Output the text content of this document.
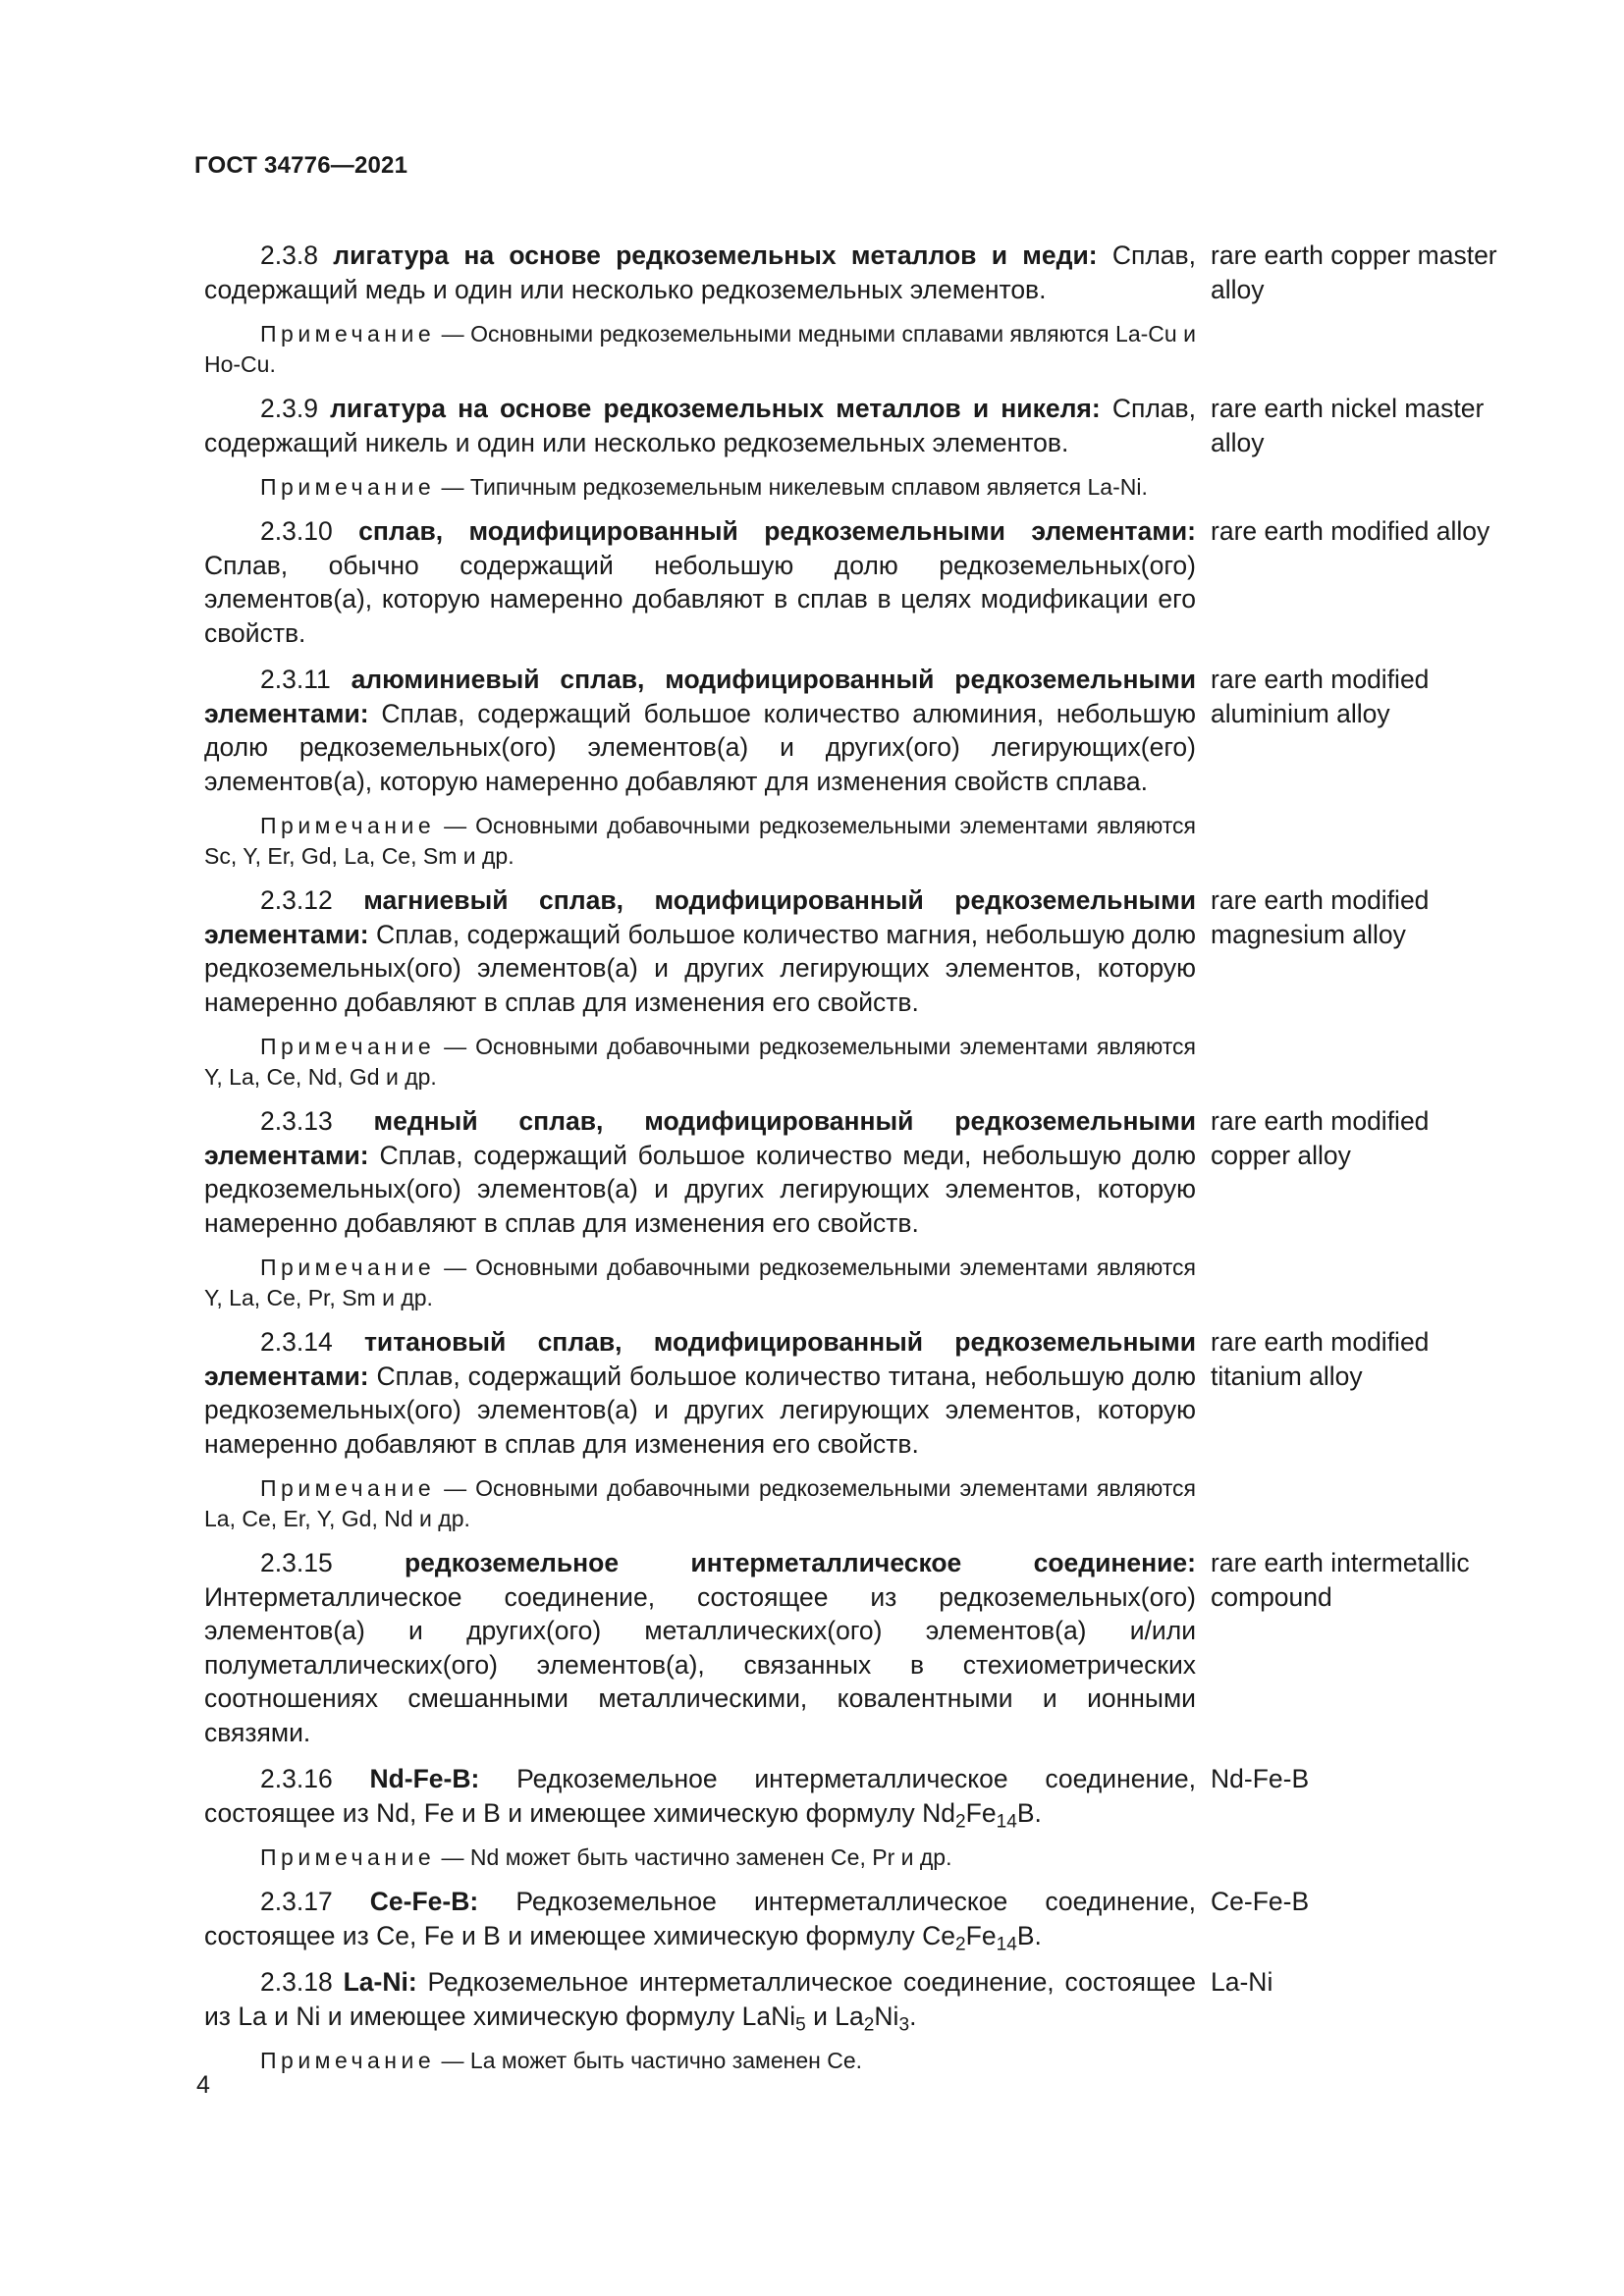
ГОСТ 34776—2021
2.3.8 лигатура на основе редкоземельных металлов и меди: Сплав, содержащий медь и один или несколько редкоземельных элементов.
rare earth copper master alloy
Примечание — Основными редкоземельными медными сплавами являются La-Cu и Ho-Cu.
2.3.9 лигатура на основе редкоземельных металлов и никеля: Сплав, содержащий никель и один или несколько редкоземельных элементов.
rare earth nickel master alloy
Примечание — Типичным редкоземельным никелевым сплавом является La-Ni.
2.3.10 сплав, модифицированный редкоземельными элементами: Сплав, обычно содержащий небольшую долю редкоземельных(ого) элементов(а), которую намеренно добавляют в сплав в целях модификации его свойств.
rare earth modified alloy
2.3.11 алюминиевый сплав, модифицированный редкоземельными элементами: Сплав, содержащий большое количество алюминия, небольшую долю редкоземельных(ого) элементов(а) и других(ого) легирующих(его) элементов(а), которую намеренно добавляют для изменения свойств сплава.
rare earth modified aluminium alloy
Примечание — Основными добавочными редкоземельными элементами являются Sc, Y, Er, Gd, La, Ce, Sm и др.
2.3.12 магниевый сплав, модифицированный редкоземельными элементами: Сплав, содержащий большое количество магния, небольшую долю редкоземельных(ого) элементов(а) и других легирующих элементов, которую намеренно добавляют в сплав для изменения его свойств.
rare earth modified magnesium alloy
Примечание — Основными добавочными редкоземельными элементами являются Y, La, Ce, Nd, Gd и др.
2.3.13 медный сплав, модифицированный редкоземельными элементами: Сплав, содержащий большое количество меди, небольшую долю редкоземельных(ого) элементов(а) и других легирующих элементов, которую намеренно добавляют в сплав для изменения его свойств.
rare earth modified copper alloy
Примечание — Основными добавочными редкоземельными элементами являются Y, La, Ce, Pr, Sm и др.
2.3.14 титановый сплав, модифицированный редкоземельными элементами: Сплав, содержащий большое количество титана, небольшую долю редкоземельных(ого) элементов(а) и других легирующих элементов, которую намеренно добавляют в сплав для изменения его свойств.
rare earth modified titanium alloy
Примечание — Основными добавочными редкоземельными элементами являются La, Ce, Er, Y, Gd, Nd и др.
2.3.15	редкоземельное интерметаллическое соединение: Интерметаллическое соединение, состоящее из редкоземельных(ого) элементов(а) и других(ого) металлических(ого) элементов(а) и/или полуметаллических(ого) элементов(а), связанных в стехиометрических соотношениях смешанными металлическими, ковалентными и ионными связями.
rare earth intermetallic compound
2.3.16 Nd-Fe-B: Редкоземельное интерметаллическое соединение, состоящее из Nd, Fe и B и имеющее химическую формулу $Nd_2Fe_{14}B$.
Nd-Fe-B
Примечание — Nd может быть частично заменен Ce, Pr и др.
2.3.17 Ce-Fe-B: Редкоземельное интерметаллическое соединение, состоящее из Ce, Fe и B и имеющее химическую формулу $Ce_2Fe_{14}B$.
Ce-Fe-B
2.3.18 La-Ni: Редкоземельное интерметаллическое соединение, состоящее из La и Ni и имеющее химическую формулу LaNi$_5$ и $La_2Ni_3$.
La-Ni
Примечание — La может быть частично заменен Ce.
4
